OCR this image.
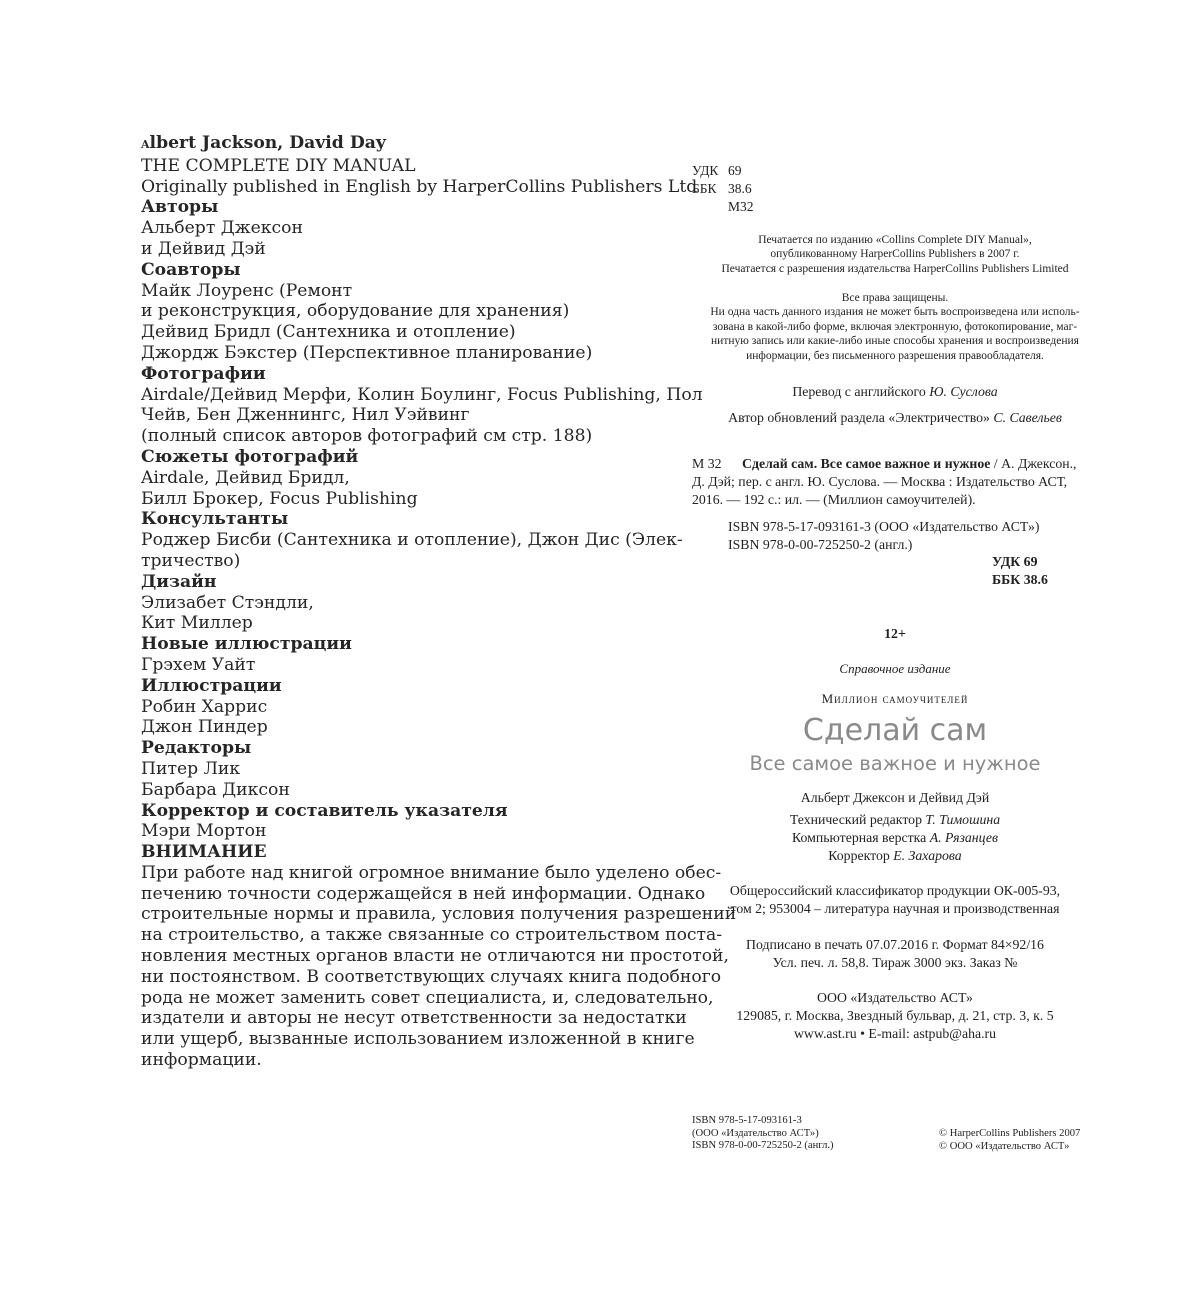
Albert Jackson, David Day
THE COMPLETE DIY MANUAL
Originally published in English by HarperCollins Publishers Ltd
Авторы
Альберт Джексон
и Дейвид Дэй
Соавторы
Майк Лоуренс (Ремонт
и реконструкция, оборудование для хранения)
Дейвид Бридл (Сантехника и отопление)
Джордж Бэкстер (Перспективное планирование)
Фотографии
Airdale/Дейвид Мерфи, Колин Боулинг, Focus Publishing, Пол
Чейв, Бен Дженнингс, Нил Уэйвинг
(полный список авторов фотографий см стр. 188)
Сюжеты фотографий
Airdale, Дейвид Бридл,
Билл Брокер, Focus Publishing
Консультанты
Роджер Бисби (Сантехника и отопление), Джон Дис (Элек-
тричество)
Дизайн
Элизабет Стэндли,
Кит Миллер
Новые иллюстрации
Грэхем Уайт
Иллюстрации
Робин Харрис
Джон Пиндер
Редакторы
Питер Лик
Барбара Диксон
Корректор и составитель указателя
Мэри Мортон
ВНИМАНИЕ
При работе над книгой огромное внимание было уделено обес-
печению точности содержащейся в ней информации. Однако
строительные нормы и правила, условия получения разрешений
на строительство, а также связанные со строительством поста-
новления местных органов власти не отличаются ни простотой,
ни постоянством. В соответствующих случаях книга подобного
рода не может заменить совет специалиста, и, следовательно,
издатели и авторы не несут ответственности за недостатки
или ущерб, вызванные использованием изложенной в книге
информации.
УДК 69
ББК 38.6
М32
Печатается по изданию «Collins Complete DIY Manual»,
опубликованному HarperCollins Publishers в 2007 г.
Печатается с разрешения издательства HarperCollins Publishers Limited
Все права защищены.
Ни одна часть данного издания не может быть воспроизведена или исполь-
зована в какой-либо форме, включая электронную, фотокопирование, маг-
нитную запись или какие-либо иные способы хранения и воспроизведения
информации, без письменного разрешения правообладателя.
Перевод с английского Ю. Суслова
Автор обновлений раздела «Электричество» С. Савельев
М 32 Сделай сам. Все самое важное и нужное / А. Джексон.,
Д. Дэй; пер. с англ. Ю. Суслова. — Москва : Издательство АСТ,
2016. — 192 с.: ил. — (Миллион самоучителей).
ISBN 978-5-17-093161-3 (ООО «Издательство АСТ»)
ISBN 978-0-00-725250-2 (англ.)
УДК 69
ББК 38.6
12+
Справочное издание
Миллион самоучителей
Сделай сам
Все самое важное и нужное
Альберт Джексон и Дейвид Дэй
Технический редактор Т. Тимошина
Компьютерная верстка А. Рязанцев
Корректор Е. Захарова
Общероссийский классификатор продукции ОК-005-93,
том 2; 953004 – литература научная и производственная
Подписано в печать 07.07.2016 г. Формат 84×92/16
Усл. печ. л. 58,8. Тираж 3000 экз. Заказ №
ООО «Издательство АСТ»
129085, г. Москва, Звездный бульвар, д. 21, стр. 3, к. 5
www.ast.ru • E-mail: astpub@aha.ru
ISBN 978-5-17-093161-3
(ООО «Издательство АСТ»)
ISBN 978-0-00-725250-2 (англ.)
© HarperCollins Publishers 2007
© ООО «Издательство АСТ»
